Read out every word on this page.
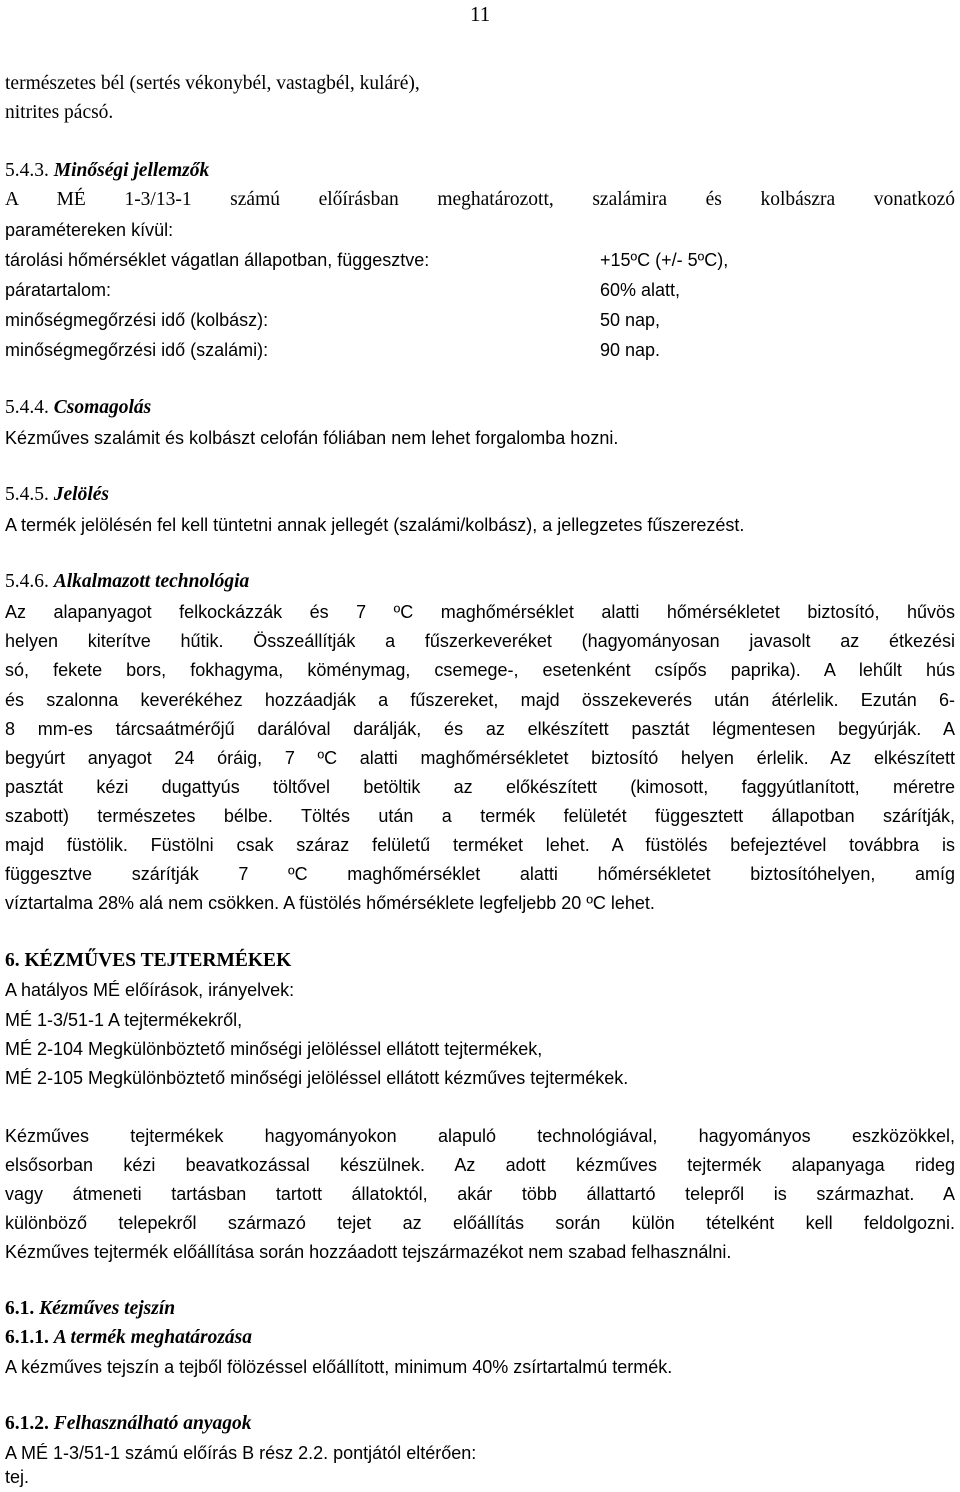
11
természetes bél (sertés vékonybél, vastagbél, kuláré),
nitrites pácsó.
5.4.3. Minőségi jellemzők
A MÉ 1-3/13-1 számú előírásban meghatározott, szalámira és kolbászra vonatkozó
paramétereken kívül:
tárolási hőmérséklet vágatlan állapotban, függesztve:	+15ºC (+/- 5ºC),
páratartalom:	60% alatt,
minőségmegőrzési idő (kolbász):	50 nap,
minőségmegőrzési idő (szalámi):	90 nap.
5.4.4. Csomagolás
Kézműves szalámit és kolbászt celofán fóliában nem lehet forgalomba hozni.
5.4.5. Jelölés
A termék jelölésén fel kell tüntetni annak jellegét (szalámi/kolbász), a jellegzetes fűszerezést.
5.4.6. Alkalmazott technológia
Az alapanyagot felkockázzák és 7 ºC maghőmérséklet alatti hőmérsékletet biztosító, hűvös
helyen kiterítve hűtik. Összeállítják a fűszerkeveréket (hagyományosan javasolt az étkezési
só, fekete bors, fokhagyma, köménymag, csemege-, esetenként csípős paprika). A lehűlt hús
és szalonna keverékéhez hozzáadják a fűszereket, majd összekeverés után átérlelik. Ezután 6-
8 mm-es tárcsaátmérőjű darálóval darálják, és az elkészített pasztát légmentesen begyúrják. A
begyúrt anyagot 24 óráig, 7 ºC alatti maghőmérsékletet biztosító helyen érlelik. Az elkészített
pasztát kézi dugattyús töltővel betöltik az előkészített (kimosott, faggyútlanított, méretre
szabott) természetes bélbe. Töltés után a termék felületét függesztett állapotban szárítják,
majd füstölik. Füstölni csak száraz felületű terméket lehet. A füstölés befejeztével továbbra is
függesztve szárítják 7 ºC maghőmérséklet alatti hőmérsékletet biztosítóhelyen, amíg
víztartalma 28% alá nem csökken. A füstölés hőmérséklete legfeljebb 20 ºC lehet.
6. KÉZMŰVES TEJTERMÉKEK
A hatályos MÉ előírások, irányelvek:
MÉ 1-3/51-1 A tejtermékekről,
MÉ 2-104 Megkülönböztető minőségi jelöléssel ellátott tejtermékek,
MÉ 2-105 Megkülönböztető minőségi jelöléssel ellátott kézműves tejtermékek.
Kézműves tejtermékek hagyományokon alapuló technológiával, hagyományos eszközökkel,
elsősorban kézi beavatkozással készülnek. Az adott kézműves tejtermék alapanyaga rideg
vagy átmeneti tartásban tartott állatoktól, akár több állattartó telepről is származhat. A
különböző telepekről származó tejet az előállítás során külön tételként kell feldolgozni.
Kézműves tejtermék előállítása során hozzáadott tejszármazékot nem szabad felhasználni.
6.1. Kézműves tejszín
6.1.1. A termék meghatározása
A kézműves tejszín a tejből fölözéssel előállított, minimum 40% zsírtartalmú termék.
6.1.2. Felhasználható anyagok
A MÉ 1-3/51-1 számú előírás B rész 2.2. pontjától eltérően:
tej.
